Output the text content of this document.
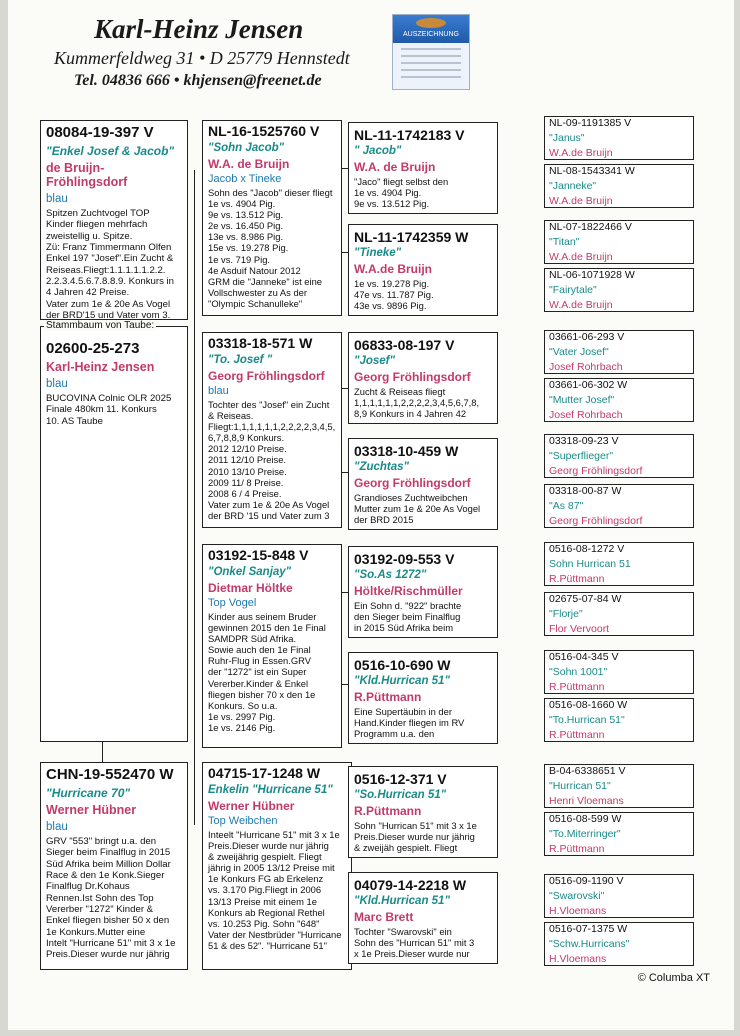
Karl-Heinz Jensen
Kummerfeldweg 31 • D 25779 Hennstedt
Tel. 04836 666 • khjensen@freenet.de

AUSZEICHNUNG
08084-19-397 V
"Enkel Josef & Jacob"
de Bruijn- Fröhlingsdorf
blau
Spitzen Zuchtvogel TOP
Kinder fliegen mehrfach
zweistellig u. Spitze.
Zü: Franz Timmermann Olfen
Enkel 197 "Josef".Ein Zucht &
Reiseas.Fliegt:1.1.1.1.1.2.2.
2.2.3.4.5.6.7.8.8.9. Konkurs in
4 Jahren 42 Preise.
Vater zum 1e & 20e As Vogel
der BRD'15 und Vater vom 3.

02600-25-273
Karl-Heinz Jensen
blau
BUCOVINA Colnic OLR 2025
Finale 480km 11. Konkurs
10. AS Taube
Stammbaum von Taube:
CHN-19-552470 W
"Hurricane 70"
Werner Hübner
blau
GRV "553" bringt u.a. den
Sieger beim Finalflug in 2015
Süd Afrika beim Million Dollar
Race & den 1e Konk.Sieger
Finalflug Dr.Kohaus
Rennen.Ist Sohn des Top
Vererber "1272" Kinder &
Enkel fliegen bisher 50 x den
1e Konkurs.Mutter eine
Intelt "Hurricane 51" mit 3 x 1e
Preis.Dieser wurde nur jährig
NL-16-1525760 V
"Sohn Jacob"
W.A. de Bruijn
Jacob x Tineke
Sohn des "Jacob" dieser fliegt
1e vs. 4904 Pig.
9e vs. 13.512 Pig.
2e vs. 16.450 Pig.
13e vs. 8.986 Pig.
15e vs. 19.278 Pig.
1e vs. 719 Pig.
4e Asduif Natour 2012
GRM die "Janneke" ist eine
Vollschwester zu As der
"Olympic Schanulleke"
03318-18-571 W
"To. Josef "
Georg Fröhlingsdorf
blau
Tochter des "Josef" ein Zucht
& Reiseas.
Fliegt:1,1,1,1,1,1,2,2,2,2,3,4,5,
6,7,8,8,9 Konkurs.
2012 12/10 Preise.
2011 12/10 Preise.
2010 13/10 Preise.
2009 11/ 8 Preise.
2008 6 / 4 Preise.
Vater zum 1e & 20e As Vogel
der BRD '15 und Vater zum 3
03192-15-848 V
"Onkel Sanjay"
Dietmar Höltke
Top Vogel
Kinder aus seinem Bruder
gewinnen 2015 den 1e Final
SAMDPR Süd Afrika.
Sowie auch den 1e Final
Ruhr-Flug in Essen.GRV
der "1272" ist ein Super
Vererber.Kinder & Enkel
fliegen bisher 70 x den 1e
Konkurs. So u.a.
1e vs. 2997 Pig.
1e vs. 2146 Pig.
04715-17-1248 W
Enkelin "Hurricane 51"
Werner Hübner
Top Weibchen
Inteelt "Hurricane 51" mit 3 x 1e
Preis.Dieser wurde nur jährig
& zweijährig gespielt. Fliegt
jährig in 2005 13/12 Preise mit
1e Konkurs FG ab Erkelenz
vs. 3.170 Pig.Fliegt in 2006
13/13 Preise mit einem 1e
Konkurs ab Regional Rethel
vs. 10.253 Pig. Sohn "648"
Vater der Nestbrüder "Hurricane
51 & des 52". "Hurricane 51"
NL-11-1742183 V
" Jacob"
W.A. de Bruijn
"Jaco" fliegt selbst den
1e vs. 4904 Pig.
9e vs. 13.512 Pig.
NL-11-1742359 W
"Tineke"
W.A.de Bruijn
1e vs. 19.278 Pig.
47e vs. 11.787 Pig.
43e vs. 9896 Pig.
06833-08-197 V
"Josef"
Georg Fröhlingsdorf
Zucht & Reiseas fliegt
1,1,1,1,1,1,2,2,2,2,3,4,5,6,7,8,
8,9 Konkurs in 4 Jahren 42
03318-10-459 W
"Zuchtas"
Georg Fröhlingsdorf
Grandioses Zuchtweibchen
Mutter zum 1e & 20e As Vogel
der BRD 2015
03192-09-553 V
"So.As 1272"
Höltke/Rischmüller
Ein Sohn d. "922" brachte
den Sieger beim Finalflug
in 2015 Süd Afrika beim
0516-10-690 W
"Kld.Hurrican 51"
R.Püttmann
Eine Supertäubin in der
Hand.Kinder fliegen im RV
Programm u.a. den
0516-12-371 V
"So.Hurrican 51"
R.Püttmann
Sohn "Hurrican 51" mit 3 x 1e
Preis.Dieser wurde nur jährig
& zweijäh gespielt. Fliegt
04079-14-2218 W
"Kld.Hurrican 51"
Marc Brett
Tochter "Swarovski" ein
Sohn des "Hurrican 51" mit 3
x 1e Preis.Dieser wurde nur
NL-09-1191385 V
"Janus"
W.A.de Bruijn
NL-08-1543341 W
"Janneke"
W.A.de Bruijn
NL-07-1822466 V
"Titan"
W.A.de Bruijn
NL-06-1071928 W
"Fairytale"
W.A.de Bruijn
03661-06-293 V
"Vater Josef"
Josef Rohrbach
03661-06-302 W
"Mutter Josef"
Josef Rohrbach
03318-09-23 V
"Superflieger"
Georg Fröhlingsdorf
03318-00-87 W
"As 87"
Georg Fröhlingsdorf
0516-08-1272 V
Sohn Hurrican 51
R.Püttmann
02675-07-84 W
"Florje"
Flor Vervoort
0516-04-345 V
"Sohn 1001"
R.Püttmann
0516-08-1660 W
"To.Hurrican 51"
R.Püttmann
B-04-6338651 V
"Hurrican 51"
Henri Vloemans
0516-08-599 W
"To.Miterringer"
R.Püttmann
0516-09-1190 V
"Swarovski"
H.Vloemans
0516-07-1375 W
"Schw.Hurricans"
H.Vloemans
© Columba XT
